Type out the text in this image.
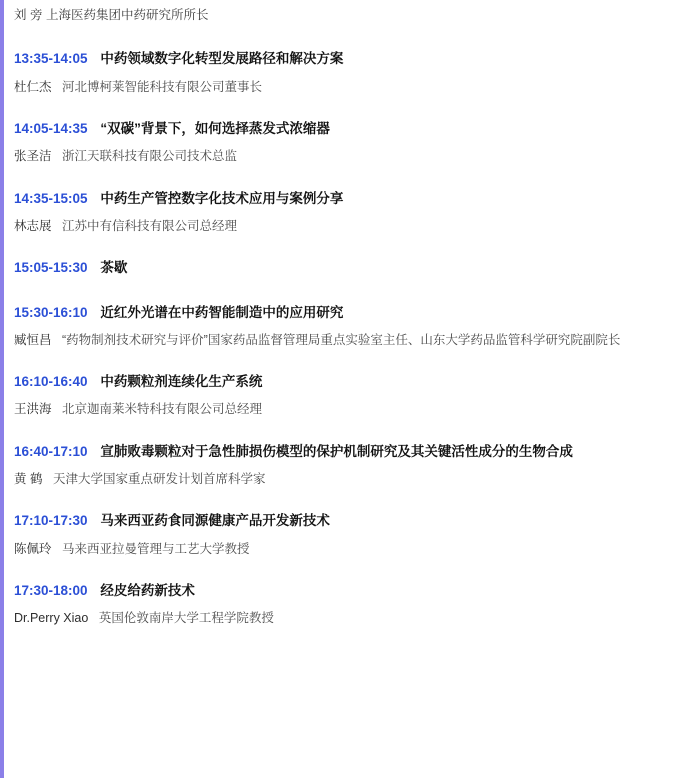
刘 旁 上海医药集团中药研究所所长
13:35-14:05 中药领域数字化转型发展路径和解决方案
杜仁杰 河北博柯莱智能科技有限公司董事长
14:05-14:35 “双碳”背景下，如何选择蒸发式浓缩器
张圣洁 浙江天联科技有限公司技术总监
14:35-15:05 中药生产管控数字化技术应用与案例分享
林志展 江苏中有信科技有限公司总经理
15:05-15:30 茶歇
15:30-16:10 近红外光谱在中药智能制造中的应用研究
臧恒昌 “药物制剂技术研究与评价”国家药品监督管理局重点实验室主任、山东大学药品监管科学研究院副院长
16:10-16:40 中药颗粒剂连续化生产系统
王洪海 北京迦南莱米特科技有限公司总经理
16:40-17:10 宣肺败毒颗粒对于急性肺损伤模型的保护机制研究及其关键活性成分的生物合成
黄 鹤 天津大学国家重点研发计划首席科学家
17:10-17:30 马来西亚药食同源健康产品开发新技术
陈佩玲 马来西亚拉曼管理与工艺大学教授
17:30-18:00 经皮给药新技术
Dr.Perry Xiao 英国伦敦南岸大学工程学院教授
